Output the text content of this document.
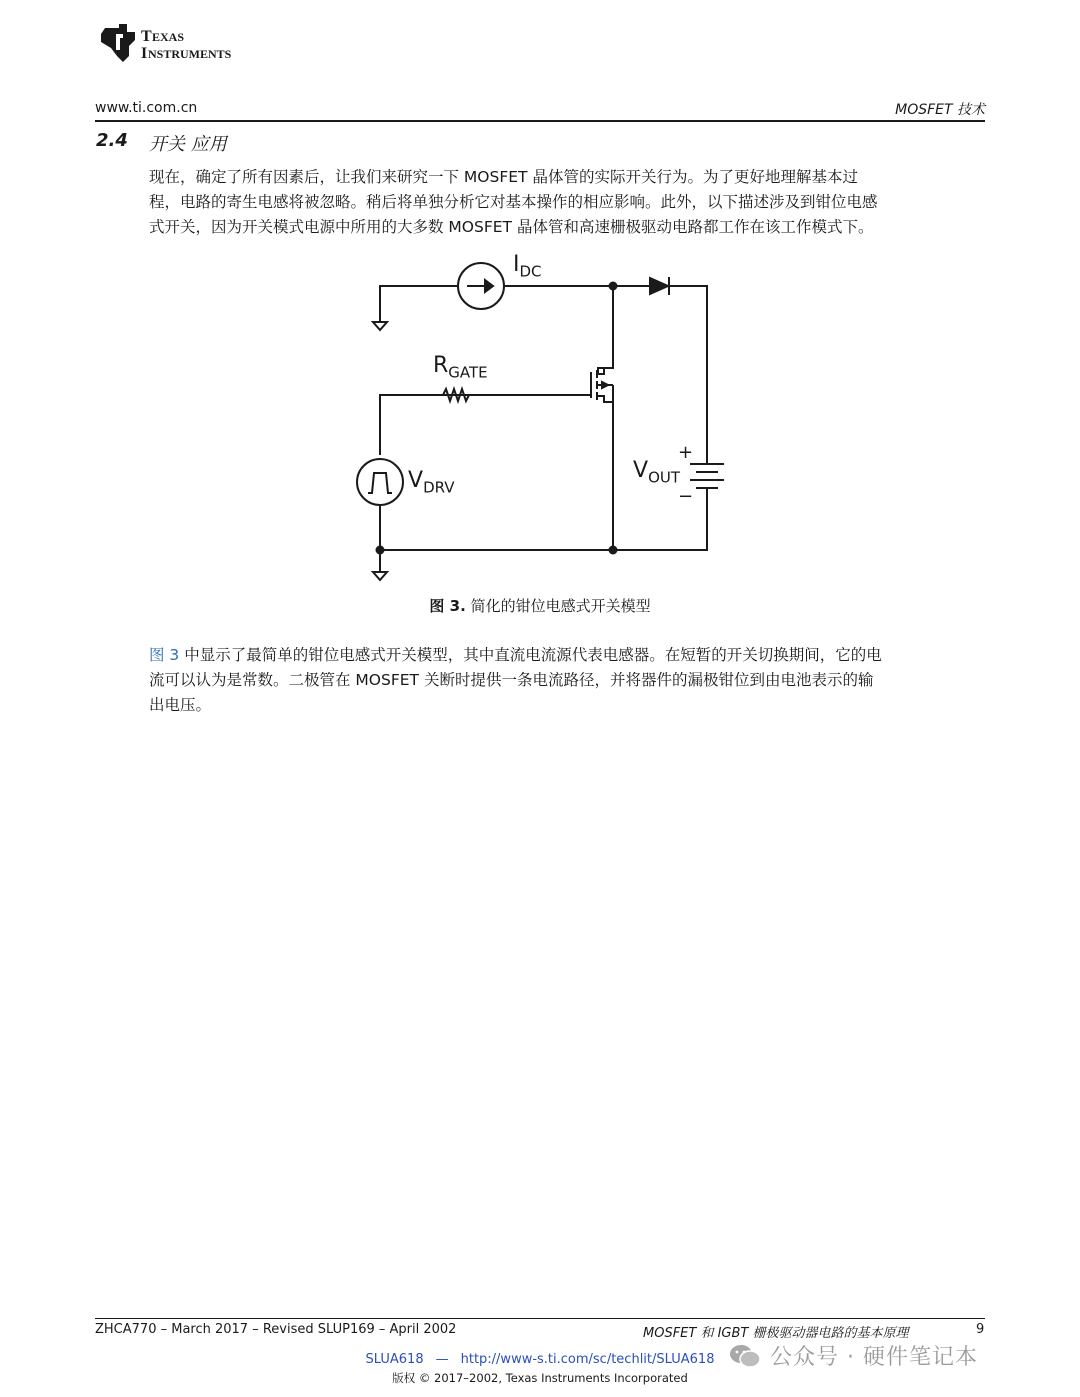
T EXAS
I NSTRUMENTS
www.ti.com.cn	MOSFET 技术
2.4 开关 应用
现在，确定了所有因素后，让我们来研究一下 MOSFET 晶体管的实际开关行为。为了更好地理解基本过
程，电路的寄生电感将被忽略。稍后将单独分析它对基本操作的相应影响。此外，以下描述涉及到钳位电感
式开关，因为开关模式电源中所用的大多数 MOSFET 晶体管和高速栅极驱动电路都工作在该工作模式下。
$I_{DC}$
$R_{GATE}$
$V_{DRV}$
$V_{OUT}$
+
−
图 3. 简化的钳位电感式开关模型
图 3 中显示了最简单的钳位电感式开关模型，其中直流电流源代表电感器。在短暂的开关切换期间，它的电
流可以认为是常数。二极管在 MOSFET 关断时提供一条电流路径，并将器件的漏极钳位到由电池表示的输
出电压。
ZHCA770 – March 2017 – Revised SLUP169 – April 2002	MOSFET 和 IGBT 栅极驱动器电路的基本原理	9
SLUA618 — http://www-s.ti.com/sc/techlit/SLUA618
版权 © 2017–2002, Texas Instruments Incorporated
公众号 · 硬件笔记本
